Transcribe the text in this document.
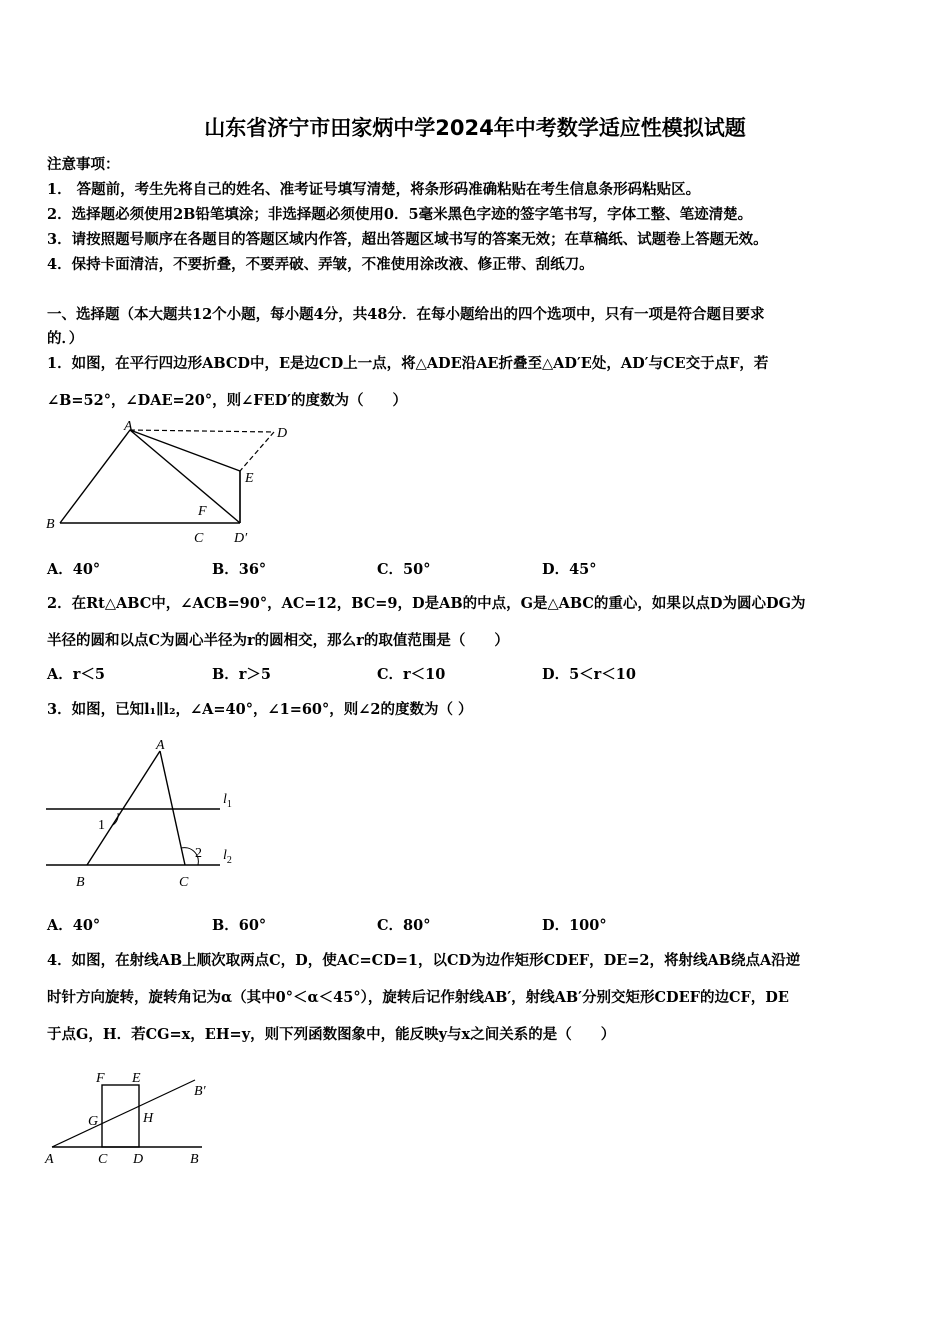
山东省济宁市田家炳中学2024年中考数学适应性模拟试题
注意事项：
1． 答题前，考生先将自己的姓名、准考证号填写清楚，将条形码准确粘贴在考生信息条形码粘贴区。
2．选择题必须使用2B铅笔填涂；非选择题必须使用0．5毫米黑色字迹的签字笔书写，字体工整、笔迹清楚。
3．请按照题号顺序在各题目的答题区域内作答，超出答题区域书写的答案无效；在草稿纸、试题卷上答题无效。
4．保持卡面清洁，不要折叠，不要弄破、弄皱，不准使用涂改液、修正带、刮纸刀。
一、选择题（本大题共12个小题，每小题4分，共48分．在每小题给出的四个选项中，只有一项是符合题目要求
的．）
1．如图，在平行四边形ABCD中，E是边CD上一点，将△ADE沿AE折叠至△AD′E处，AD′与CE交于点F，若
∠B=52°，∠DAE=20°，则∠FED′的度数为（　　）
A	D
E
F
B
C D′
A．40°	B．36°	C．50°	D．45°
2．在Rt△ABC中，∠ACB=90°，AC=12，BC=9，D是AB的中点，G是△ABC的重心，如果以点D为圆心DG为
半径的圆和以点C为圆心半径为r的圆相交，那么r的取值范围是（　　）
A．r＜5	B．r＞5	C．r＜10	D．5＜r＜10
3．如图，已知l₁∥l₂，∠A=40°，∠1=60°，则∠2的度数为（ ）
A
1
2
$l_1$
$l_2$
B	C
A．40°	B．60°	C．80°	D．100°
4．如图，在射线AB上顺次取两点C，D，使AC=CD=1，以CD为边作矩形CDEF，DE=2，将射线AB绕点A沿逆
时针方向旋转，旋转角记为α（其中0°＜α＜45°），旋转后记作射线AB′，射线AB′分别交矩形CDEF的边CF，DE
于点G，H．若CG=x，EH=y，则下列函数图象中，能反映y与x之间关系的是（　　）
F E
B′
G	H
A	C D	B
